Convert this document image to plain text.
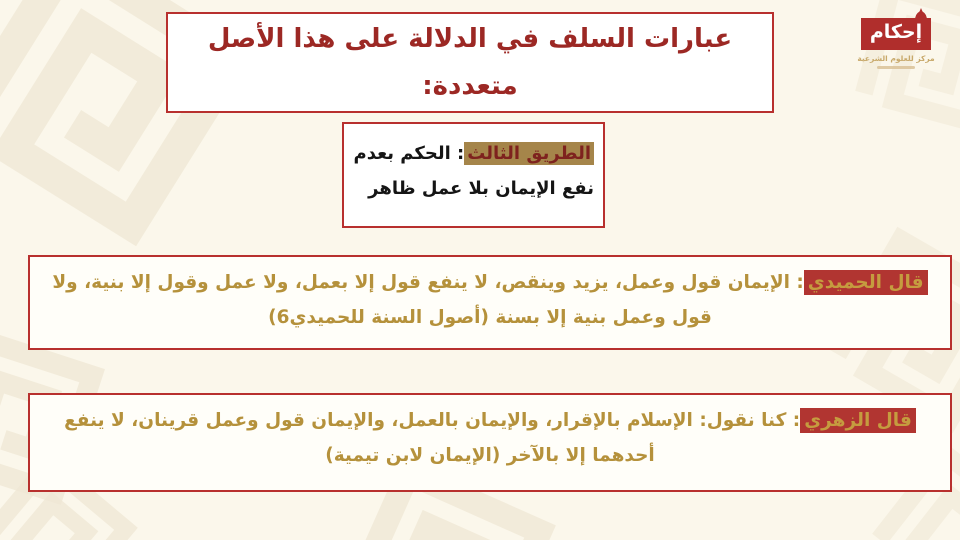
إحكام
مركز للعلوم الشرعية
عبارات السلف في الدلالة على هذا الأصل
متعددة:
الطريق الثالث: الحكم بعدم نفع الإيمان بلا عمل ظاهر
قال الحميدي: الإيمان قول وعمل، يزيد وينقص، لا ينفع قول إلا بعمل، ولا عمل وقول إلا بنية، ولا قول وعمل بنية إلا بسنة (أصول السنة للحميدي6)
قال الزهري: كنا نقول: الإسلام بالإقرار، والإيمان بالعمل، والإيمان قول وعمل قرينان، لا ينفع أحدهما إلا بالآخر (الإيمان لابن تيمية)
